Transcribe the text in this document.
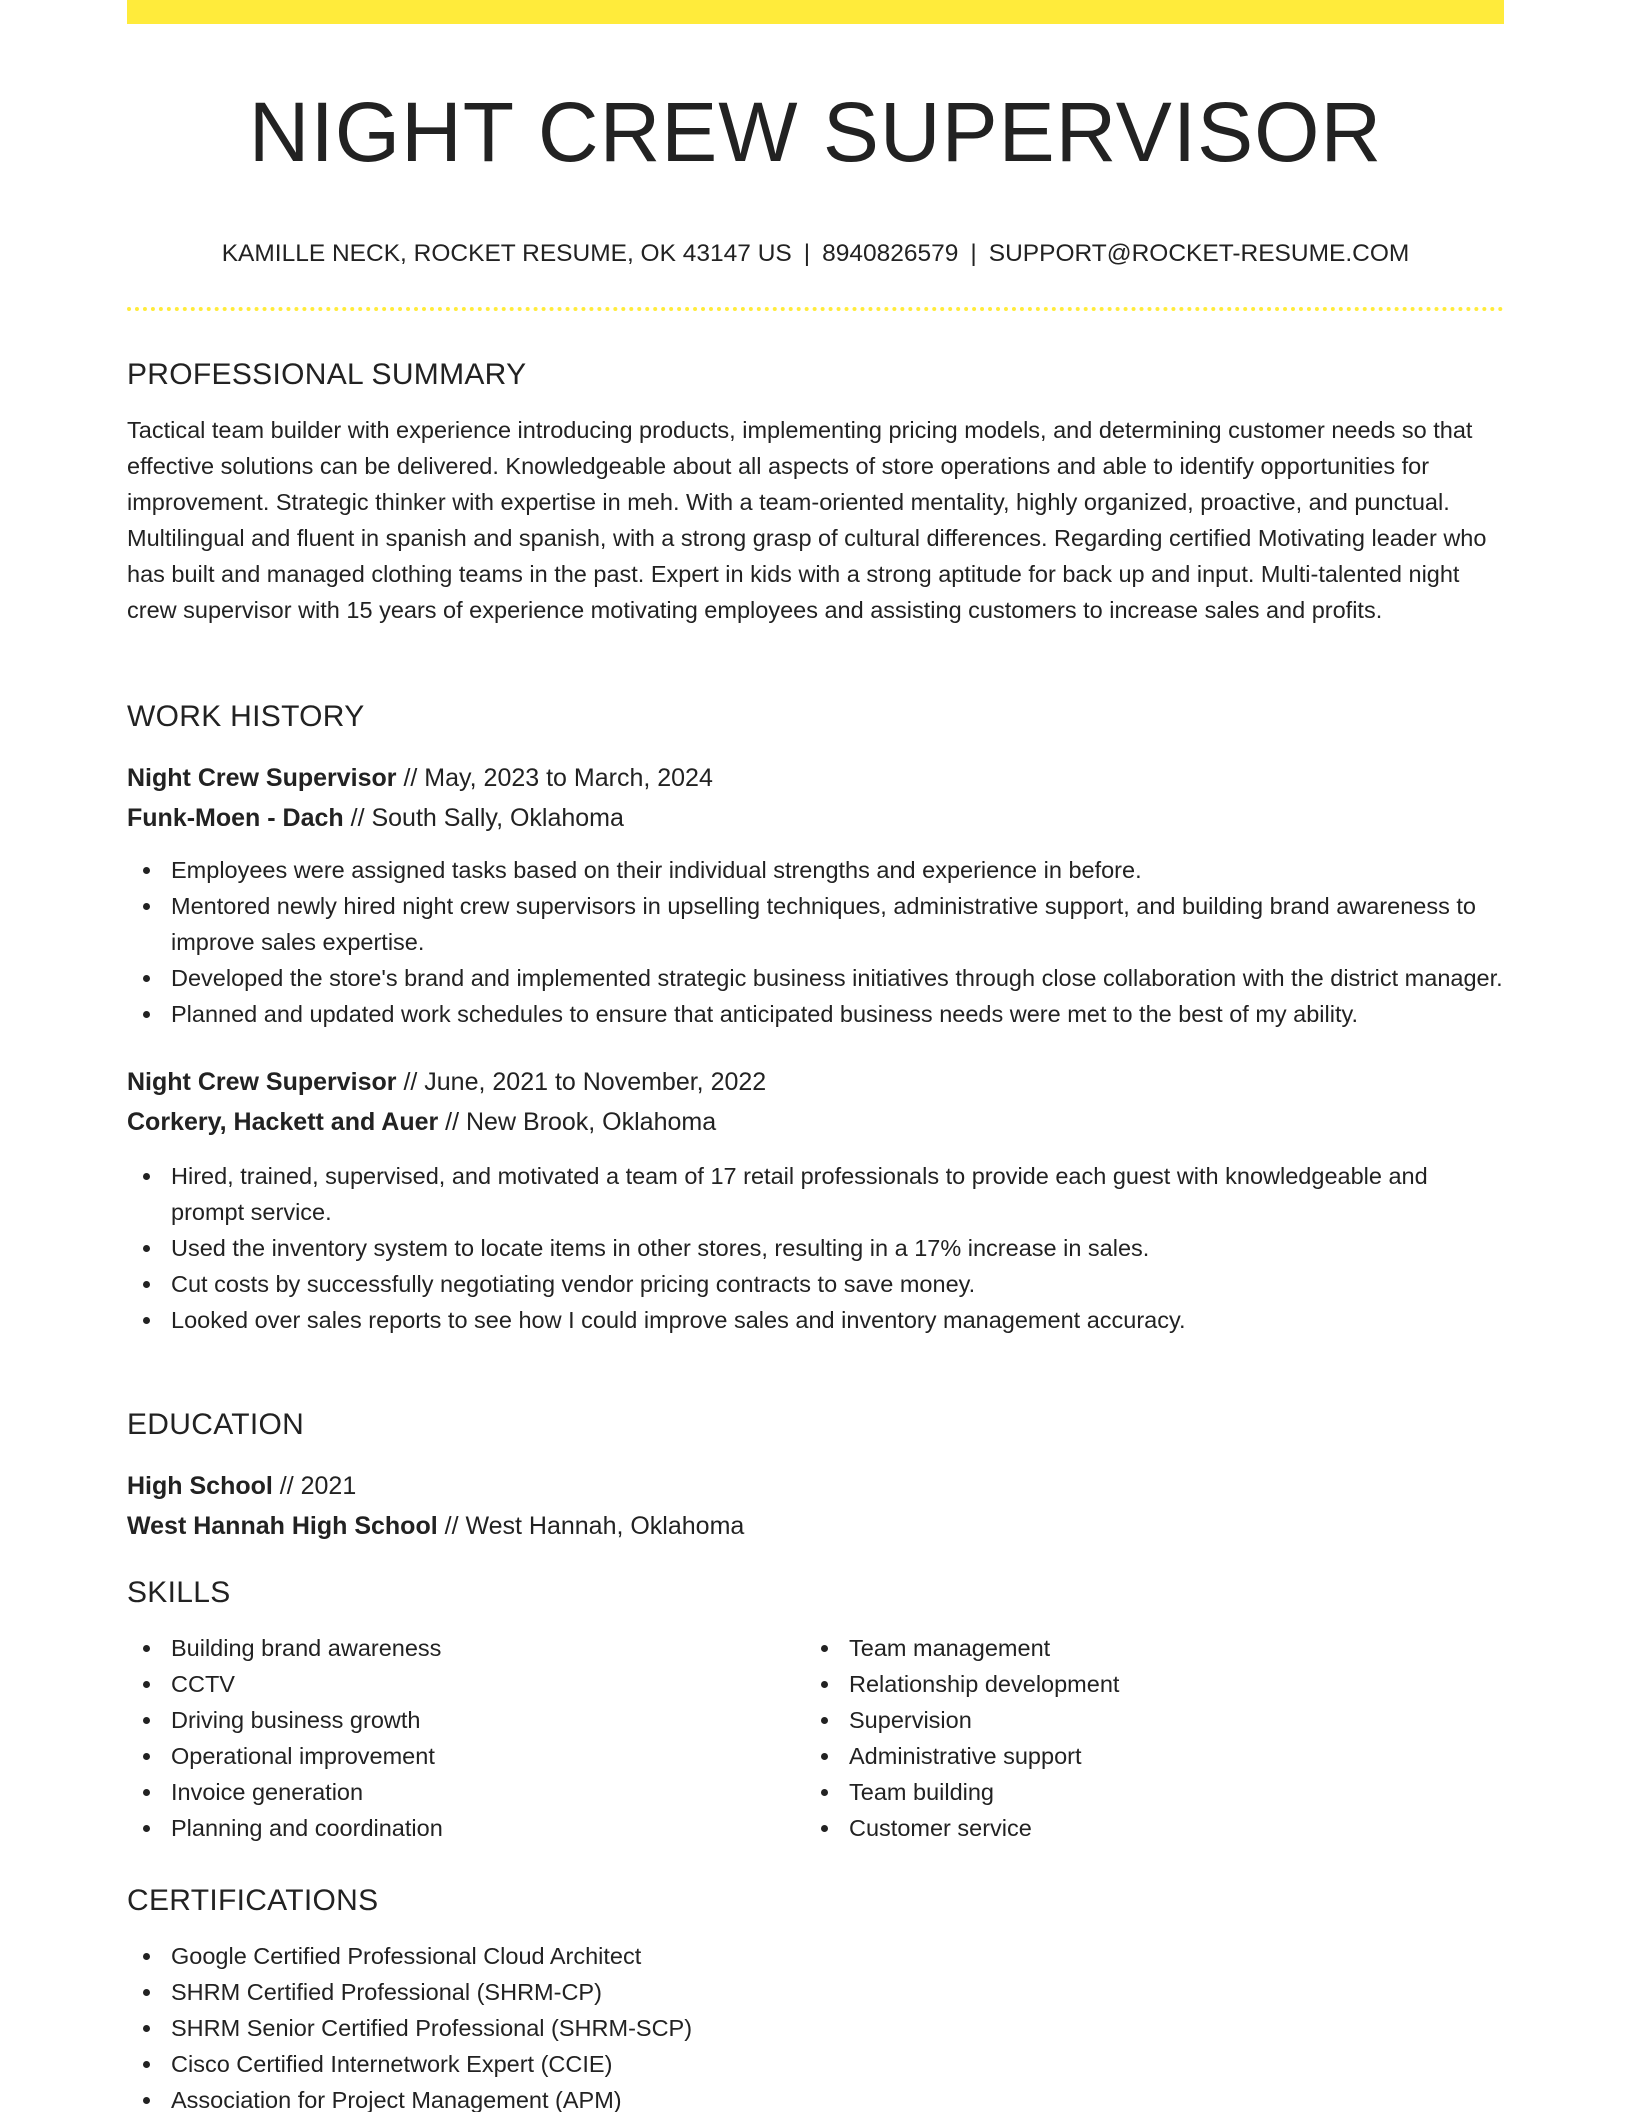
NIGHT CREW SUPERVISOR
KAMILLE NECK, ROCKET RESUME, OK 43147 US | 8940826579 | SUPPORT@ROCKET-RESUME.COM
PROFESSIONAL SUMMARY

Tactical team builder with experience introducing products, implementing pricing models, and determining customer needs so that effective solutions can be delivered. Knowledgeable about all aspects of store operations and able to identify opportunities for improvement. Strategic thinker with expertise in meh. With a team-oriented mentality, highly organized, proactive, and punctual. Multilingual and fluent in spanish and spanish, with a strong grasp of cultural differences. Regarding certified Motivating leader who has built and managed clothing teams in the past. Expert in kids with a strong aptitude for back up and input. Multi-talented night crew supervisor with 15 years of experience motivating employees and assisting customers to increase sales and profits.

WORK HISTORY
Night Crew Supervisor // May, 2023 to March, 2024
Funk-Moen - Dach // South Sally, Oklahoma
Employees were assigned tasks based on their individual strengths and experience in before.
Mentored newly hired night crew supervisors in upselling techniques, administrative support, and building brand awareness to improve sales expertise.
Developed the store's brand and implemented strategic business initiatives through close collaboration with the district manager.
Planned and updated work schedules to ensure that anticipated business needs were met to the best of my ability.
Night Crew Supervisor // June, 2021 to November, 2022
Corkery, Hackett and Auer // New Brook, Oklahoma
Hired, trained, supervised, and motivated a team of 17 retail professionals to provide each guest with knowledgeable and prompt service.
Used the inventory system to locate items in other stores, resulting in a 17% increase in sales.
Cut costs by successfully negotiating vendor pricing contracts to save money.
Looked over sales reports to see how I could improve sales and inventory management accuracy.
EDUCATION
High School // 2021
West Hannah High School // West Hannah, Oklahoma
SKILLS
Building brand awareness
CCTV
Driving business growth
Operational improvement
Invoice generation
Planning and coordination
Team management
Relationship development
Supervision
Administrative support
Team building
Customer service
CERTIFICATIONS
Google Certified Professional Cloud Architect
SHRM Certified Professional (SHRM-CP)
SHRM Senior Certified Professional (SHRM-SCP)
Cisco Certified Internetwork Expert (CCIE)
Association for Project Management (APM)
